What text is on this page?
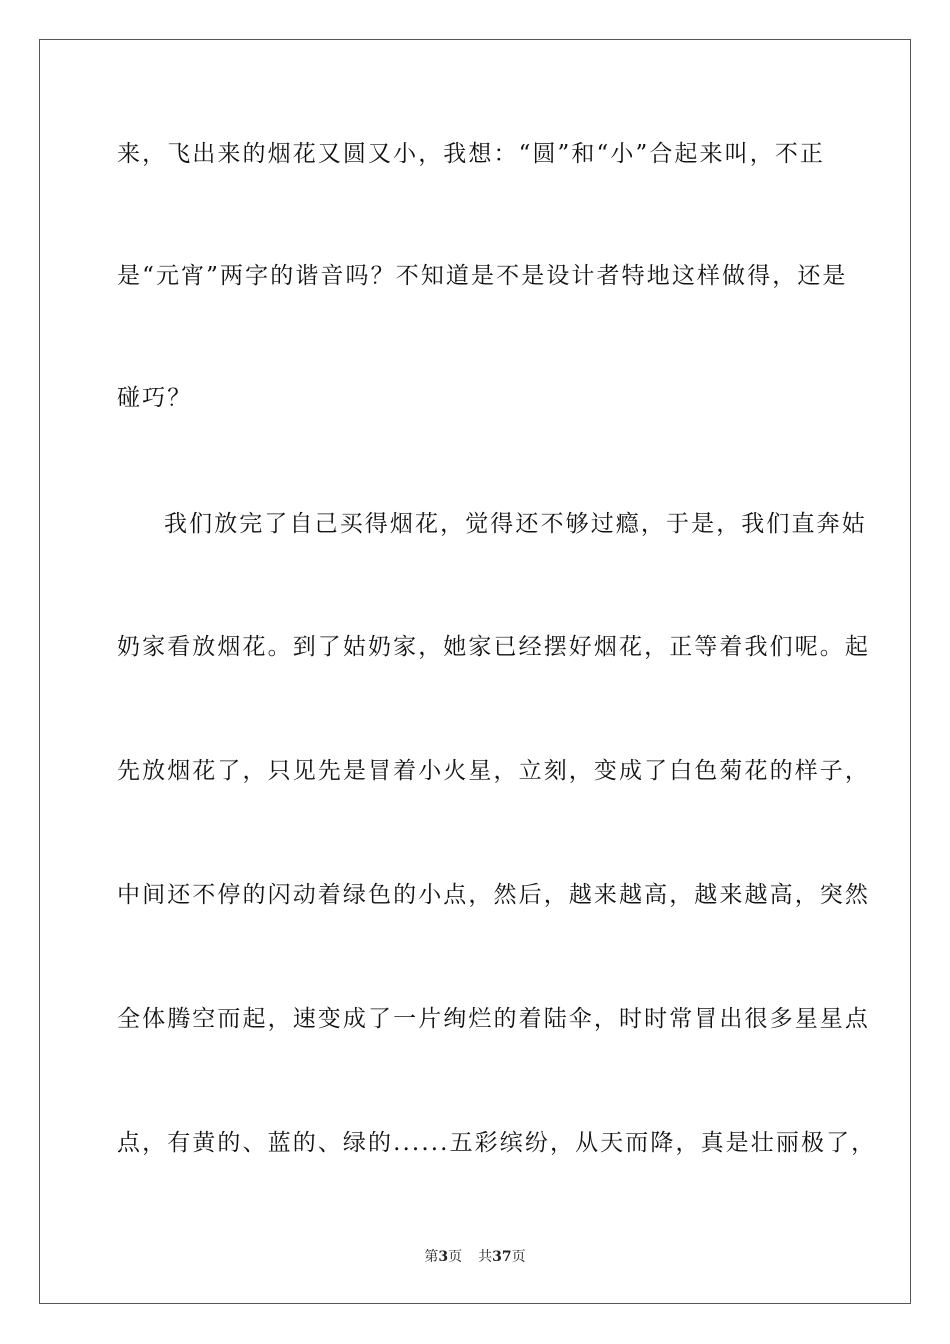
来，飞出来的烟花又圆又小，我想：“圆”和“小”合起来叫，不正
是“元宵”两字的谐音吗？不知道是不是设计者特地这样做得，还是
碰巧？
我们放完了自己买得烟花，觉得还不够过瘾，于是，我们直奔姑
奶家看放烟花。到了姑奶家，她家已经摆好烟花，正等着我们呢。起
先放烟花了，只见先是冒着小火星，立刻，变成了白色菊花的样子，
中间还不停的闪动着绿色的小点，然后，越来越高，越来越高，突然
全体腾空而起，速变成了一片绚烂的着陆伞，时时常冒出很多星星点
点，有黄的、蓝的、绿的......五彩缤纷，从天而降，真是壮丽极了，
第3页 共37页
